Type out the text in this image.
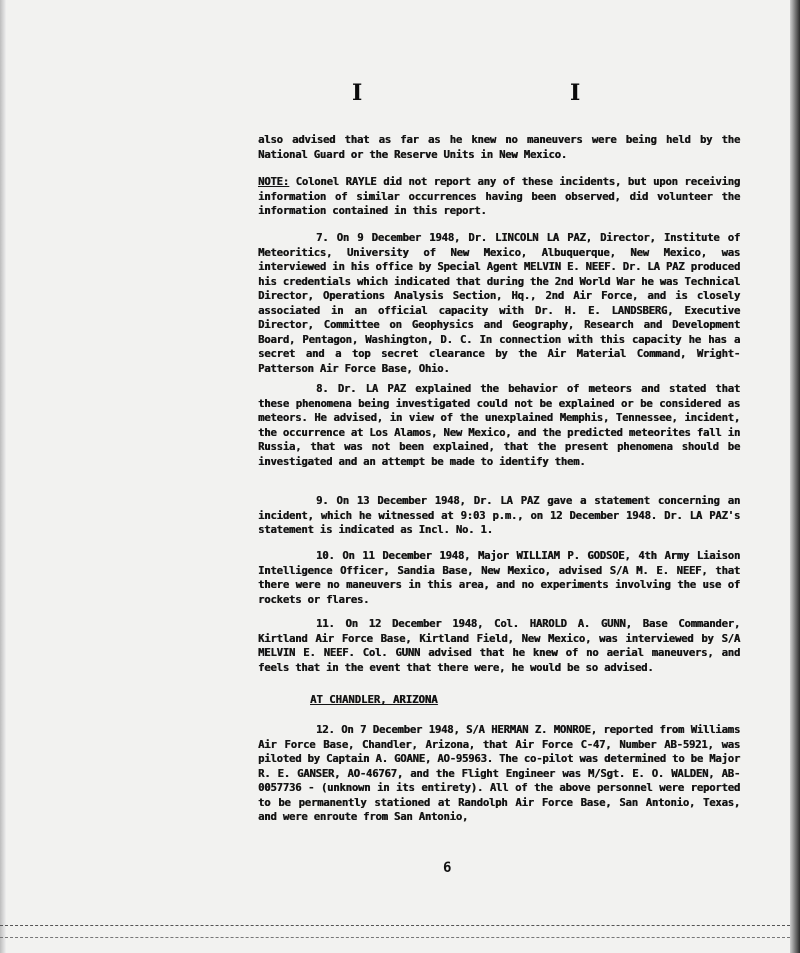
I	I
also advised that as far as he knew no maneuvers were being held by the National Guard or the Reserve Units in New Mexico.
NOTE: Colonel RAYLE did not report any of these incidents, but upon receiving information of similar occurrences having been observed, did volunteer the information contained in this report.
7. On 9 December 1948, Dr. LINCOLN LA PAZ, Director, Institute of Meteoritics, University of New Mexico, Albuquerque, New Mexico, was interviewed in his office by Special Agent MELVIN E. NEEF. Dr. LA PAZ produced his credentials which indicated that during the 2nd World War he was Technical Director, Operations Analysis Section, Hq., 2nd Air Force, and is closely associated in an official capacity with Dr. H. E. LANDSBERG, Executive Director, Committee on Geophysics and Geography, Research and Development Board, Pentagon, Washington, D. C. In connection with this capacity he has a secret and a top secret clearance by the Air Material Command, Wright-Patterson Air Force Base, Ohio.
8. Dr. LA PAZ explained the behavior of meteors and stated that these phenomena being investigated could not be explained or be considered as meteors. He advised, in view of the unexplained Memphis, Tennessee, incident, the occurrence at Los Alamos, New Mexico, and the predicted meteorites fall in Russia, that was not been explained, that the present phenomena should be investigated and an attempt be made to identify them.
9. On 13 December 1948, Dr. LA PAZ gave a statement concerning an incident, which he witnessed at 9:03 p.m., on 12 December 1948. Dr. LA PAZ's statement is indicated as Incl. No. 1.
10. On 11 December 1948, Major WILLIAM P. GODSOE, 4th Army Liaison Intelligence Officer, Sandia Base, New Mexico, advised S/A M. E. NEEF, that there were no maneuvers in this area, and no experiments involving the use of rockets or flares.
11. On 12 December 1948, Col. HAROLD A. GUNN, Base Commander, Kirtland Air Force Base, Kirtland Field, New Mexico, was interviewed by S/A MELVIN E. NEEF. Col. GUNN advised that he knew of no aerial maneuvers, and feels that in the event that there were, he would be so advised.
AT CHANDLER, ARIZONA
12. On 7 December 1948, S/A HERMAN Z. MONROE, reported from Williams Air Force Base, Chandler, Arizona, that Air Force C-47, Number AB-5921, was piloted by Captain A. GOANE, AO-95963. The co-pilot was determined to be Major R. E. GANSER, AO-46767, and the Flight Engineer was M/Sgt. E. O. WALDEN, AB-0057736 - (unknown in its entirety). All of the above personnel were reported to be permanently stationed at Randolph Air Force Base, San Antonio, Texas, and were enroute from San Antonio,
6
